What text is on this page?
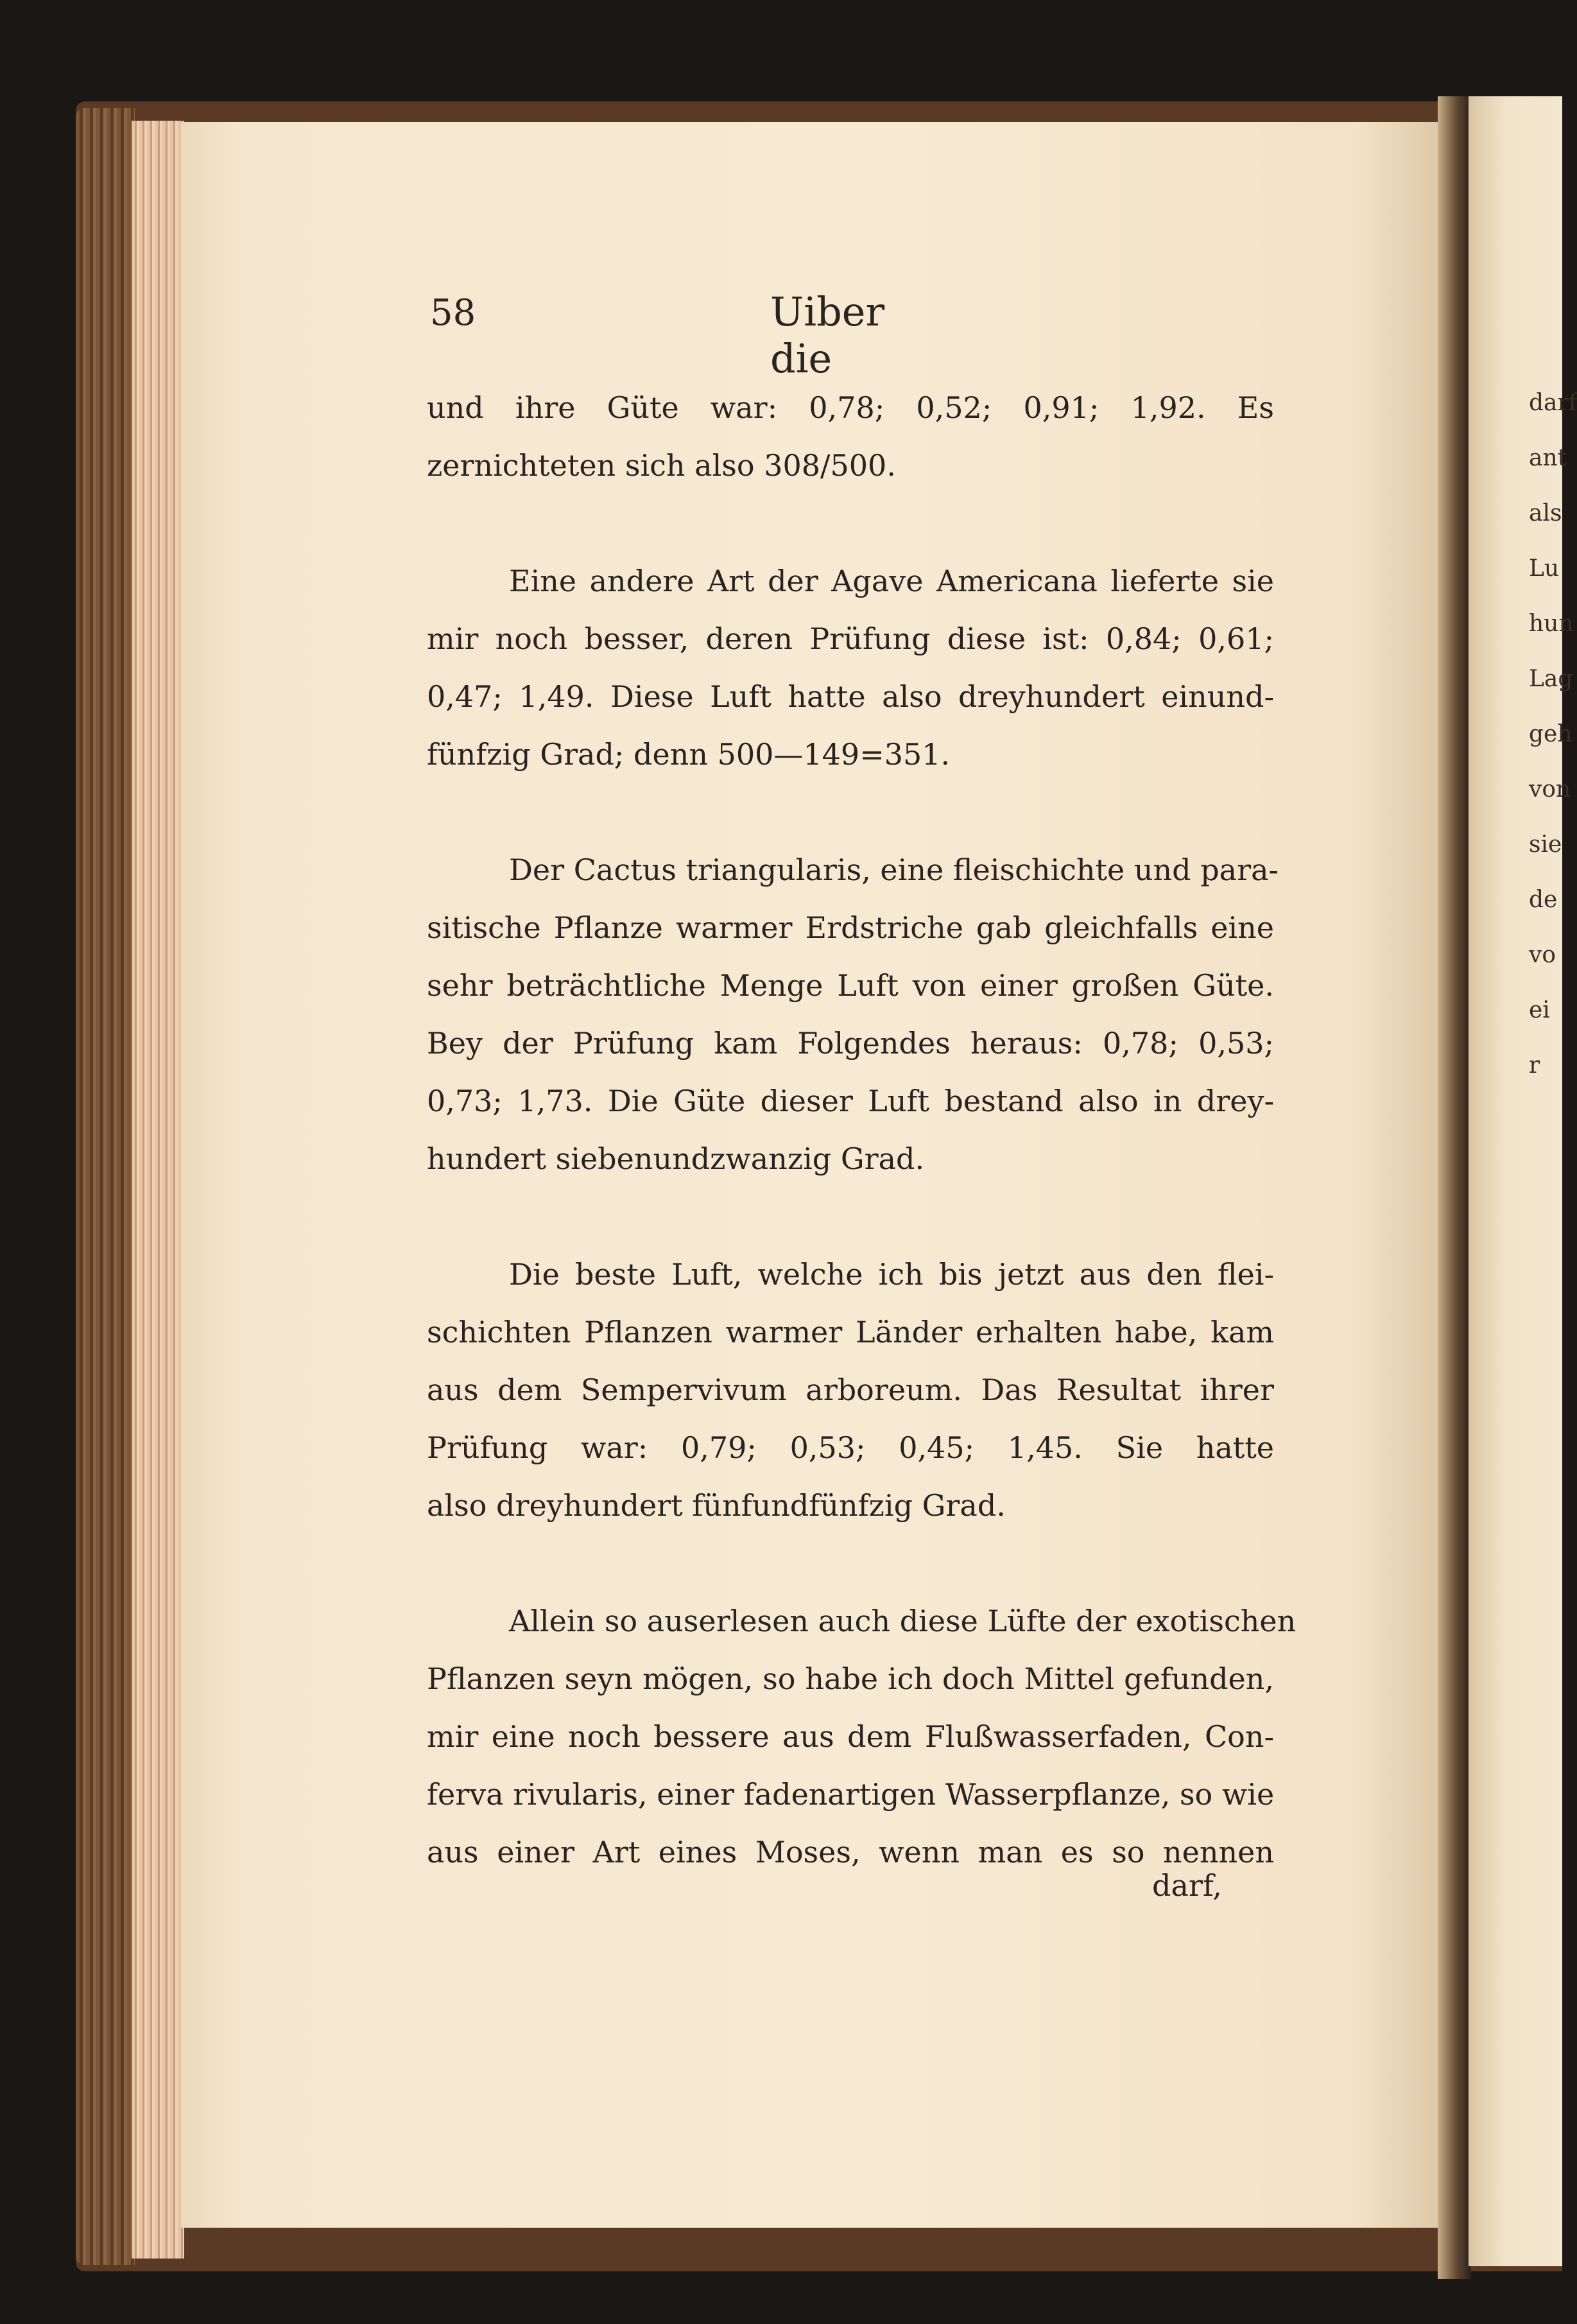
58	Uiber die
und ihre Güte war: 0,78; 0,52; 0,91; 1,92. Es
zernichteten sich also 308/500.
Eine andere Art der Agave Americana lieferte sie
mir noch besser, deren Prüfung diese ist: 0,84; 0,61;
0,47; 1,49. Diese Luft hatte also dreyhundert einund-
fünfzig Grad; denn 500—149=351.
Der Cactus triangularis, eine fleischichte und para-
sitische Pflanze warmer Erdstriche gab gleichfalls eine
sehr beträchtliche Menge Luft von einer großen Güte.
Bey der Prüfung kam Folgendes heraus: 0,78; 0,53;
0,73; 1,73. Die Güte dieser Luft bestand also in drey-
hundert siebenundzwanzig Grad.
Die beste Luft, welche ich bis jetzt aus den flei-
schichten Pflanzen warmer Länder erhalten habe, kam
aus dem Sempervivum arboreum. Das Resultat ihrer
Prüfung war: 0,79; 0,53; 0,45; 1,45. Sie hatte
also dreyhundert fünfundfünfzig Grad.
Allein so auserlesen auch diese Lüfte der exotischen
Pflanzen seyn mögen, so habe ich doch Mittel gefunden,
mir eine noch bessere aus dem Flußwasserfaden, Con-
ferva rivularis, einer fadenartigen Wasserpflanze, so wie
aus einer Art eines Moses, wenn man es so nennen
darf,
darf
ant
als
Lu
hun
Lag
geh
von
sie
de
vo
ei
r
